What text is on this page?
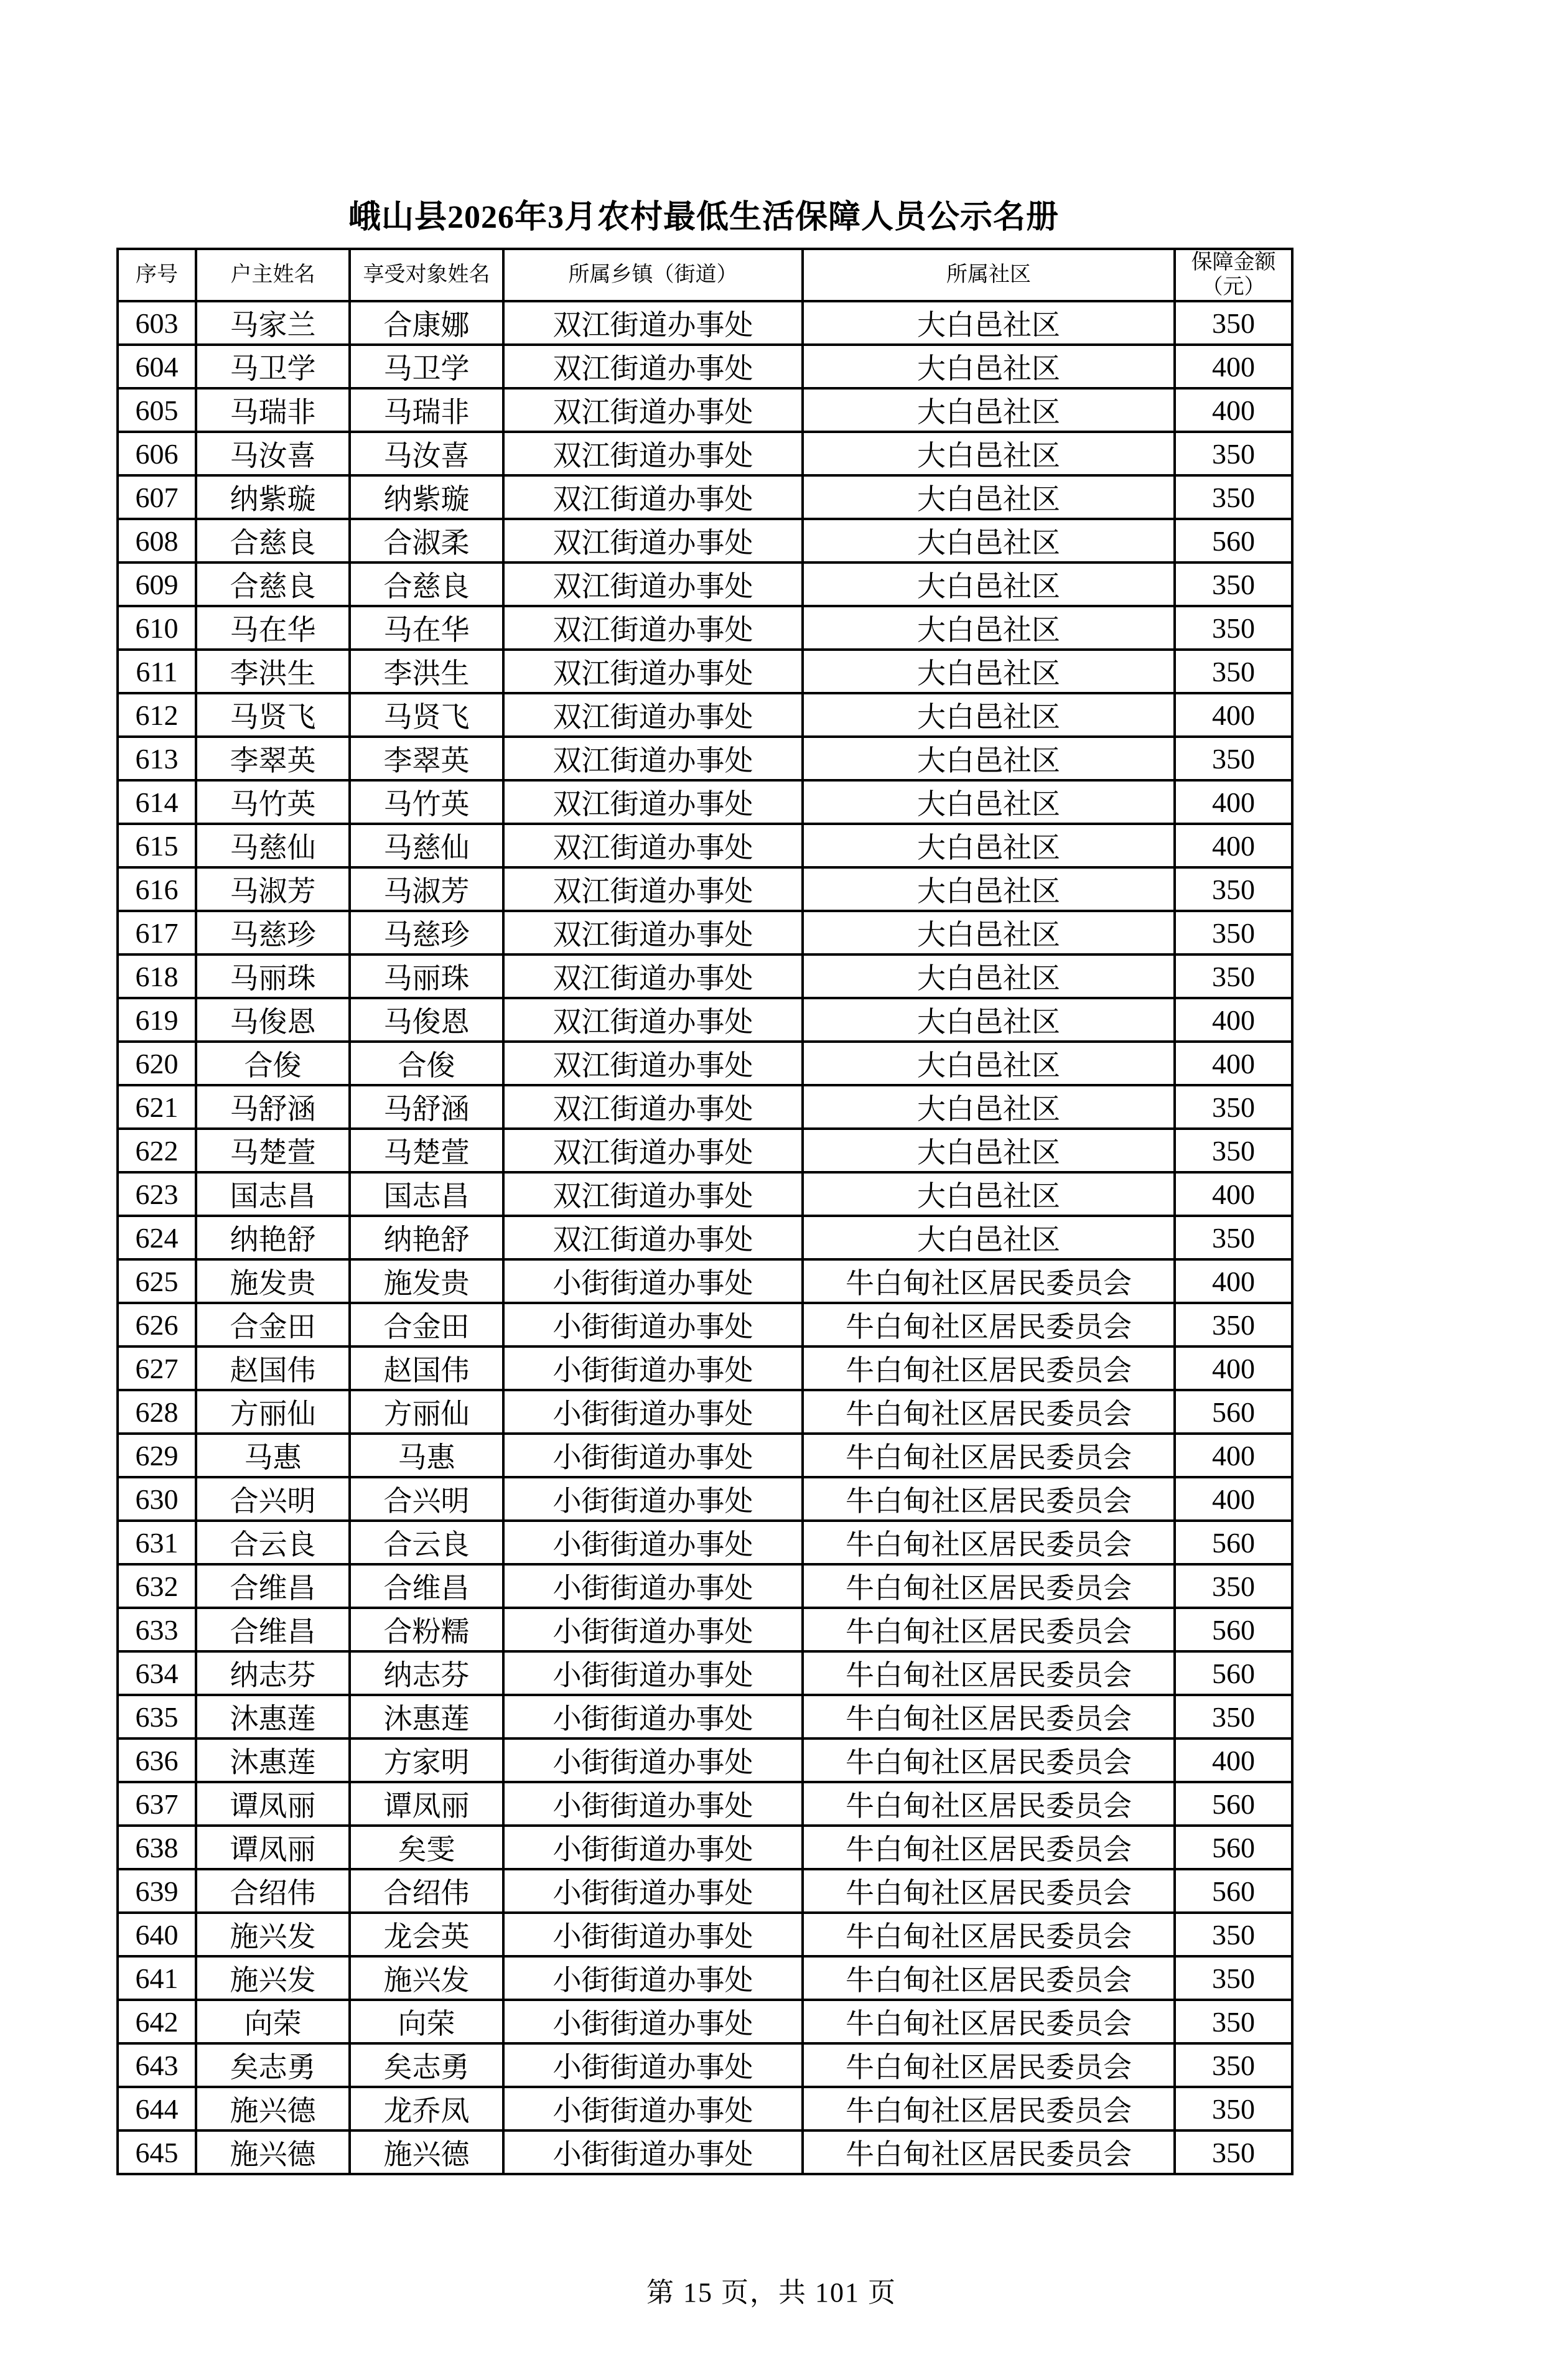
峨山县2026年3月农村最低生活保障人员公示名册
序号	户主姓名	享受对象姓名	所属乡镇（街道）	所属社区	保障金额
（元）
603	马家兰	合康娜	双江街道办事处	大白邑社区	350
604	马卫学	马卫学	双江街道办事处	大白邑社区	400
605	马瑞非	马瑞非	双江街道办事处	大白邑社区	400
606	马汝喜	马汝喜	双江街道办事处	大白邑社区	350
607	纳紫璇	纳紫璇	双江街道办事处	大白邑社区	350
608	合慈良	合淑柔	双江街道办事处	大白邑社区	560
609	合慈良	合慈良	双江街道办事处	大白邑社区	350
610	马在华	马在华	双江街道办事处	大白邑社区	350
611	李洪生	李洪生	双江街道办事处	大白邑社区	350
612	马贤飞	马贤飞	双江街道办事处	大白邑社区	400
613	李翠英	李翠英	双江街道办事处	大白邑社区	350
614	马竹英	马竹英	双江街道办事处	大白邑社区	400
615	马慈仙	马慈仙	双江街道办事处	大白邑社区	400
616	马淑芳	马淑芳	双江街道办事处	大白邑社区	350
617	马慈珍	马慈珍	双江街道办事处	大白邑社区	350
618	马丽珠	马丽珠	双江街道办事处	大白邑社区	350
619	马俊恩	马俊恩	双江街道办事处	大白邑社区	400
620	合俊	合俊	双江街道办事处	大白邑社区	400
621	马舒涵	马舒涵	双江街道办事处	大白邑社区	350
622	马楚萱	马楚萱	双江街道办事处	大白邑社区	350
623	国志昌	国志昌	双江街道办事处	大白邑社区	400
624	纳艳舒	纳艳舒	双江街道办事处	大白邑社区	350
625	施发贵	施发贵	小街街道办事处	牛白甸社区居民委员会	400
626	合金田	合金田	小街街道办事处	牛白甸社区居民委员会	350
627	赵国伟	赵国伟	小街街道办事处	牛白甸社区居民委员会	400
628	方丽仙	方丽仙	小街街道办事处	牛白甸社区居民委员会	560
629	马惠	马惠	小街街道办事处	牛白甸社区居民委员会	400
630	合兴明	合兴明	小街街道办事处	牛白甸社区居民委员会	400
631	合云良	合云良	小街街道办事处	牛白甸社区居民委员会	560
632	合维昌	合维昌	小街街道办事处	牛白甸社区居民委员会	350
633	合维昌	合粉糯	小街街道办事处	牛白甸社区居民委员会	560
634	纳志芬	纳志芬	小街街道办事处	牛白甸社区居民委员会	560
635	沐惠莲	沐惠莲	小街街道办事处	牛白甸社区居民委员会	350
636	沐惠莲	方家明	小街街道办事处	牛白甸社区居民委员会	400
637	谭凤丽	谭凤丽	小街街道办事处	牛白甸社区居民委员会	560
638	谭凤丽	矣雯	小街街道办事处	牛白甸社区居民委员会	560
639	合绍伟	合绍伟	小街街道办事处	牛白甸社区居民委员会	560
640	施兴发	龙会英	小街街道办事处	牛白甸社区居民委员会	350
641	施兴发	施兴发	小街街道办事处	牛白甸社区居民委员会	350
642	向荣	向荣	小街街道办事处	牛白甸社区居民委员会	350
643	矣志勇	矣志勇	小街街道办事处	牛白甸社区居民委员会	350
644	施兴德	龙乔凤	小街街道办事处	牛白甸社区居民委员会	350
645	施兴德	施兴德	小街街道办事处	牛白甸社区居民委员会	350
第 15 页，共 101 页
